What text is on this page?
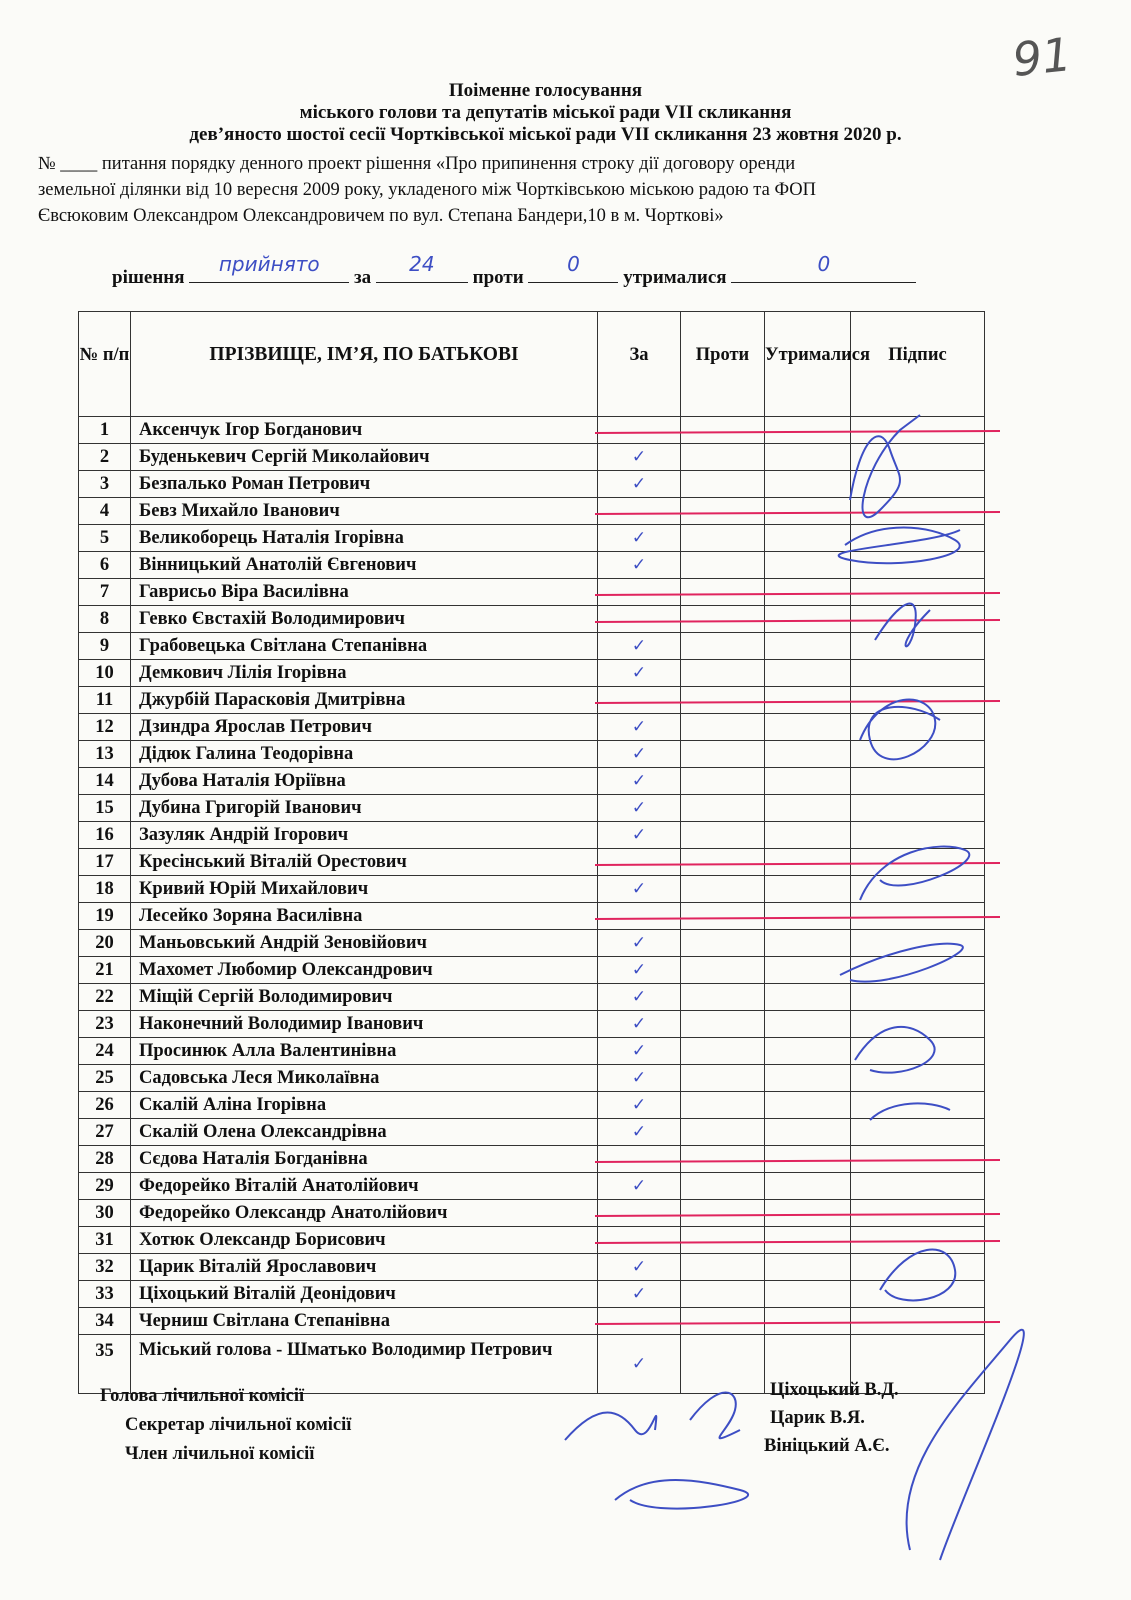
91
Поіменне голосування
міського голови та депутатів міської ради VII скликання
дев’яносто шостої сесії Чортківської міської ради VII скликання 23 жовтня 2020 р.

№ ____ питання порядку денного проект рішення «Про припинення строку дії договору оренди

земельної ділянки від 10 вересня 2009 року, укладеного між Чортківською міською радою та ФОП

Євсюковим Олександром Олександровичем по вул. Степана Бандери,10 в м. Чорткові»

рішення
прийнято
за
24
проти
0
утрималися
0
№ п/п	ПРІЗВИЩЕ, ІМ’Я, ПО БАТЬКОВІ	За	Проти	Утрималися	Підпис
1	Аксенчук Ігор Богданович				
2	Буденькевич Сергій Миколайович	✓			
3	Безпалько Роман Петрович	✓			
4	Бевз Михайло Іванович				
5	Великоборець Наталія Ігорівна	✓			
6	Вінницький Анатолій Євгенович	✓			
7	Гаврисьо Віра Василівна				
8	Гевко Євстахій Володимирович				
9	Грабовецька Світлана Степанівна	✓			
10	Демкович Лілія Ігорівна	✓			
11	Джурбій Парасковія Дмитрівна				
12	Дзиндра Ярослав Петрович	✓			
13	Дідюк Галина Теодорівна	✓			
14	Дубова Наталія Юріївна	✓			
15	Дубина Григорій Іванович	✓			
16	Зазуляк Андрій Ігорович	✓			
17	Кресінський Віталій Орестович				
18	Кривий Юрій Михайлович	✓			
19	Лесейко Зоряна Василівна				
20	Маньовський Андрій Зеновійович	✓			
21	Махомет Любомир Олександрович	✓			
22	Міщій Сергій Володимирович	✓			
23	Наконечний Володимир Іванович	✓			
24	Просинюк Алла Валентинівна	✓			
25	Садовська Леся Миколаївна	✓			
26	Скалій Аліна Ігорівна	✓			
27	Скалій Олена Олександрівна	✓			
28	Сєдова Наталія Богданівна				
29	Федорейко Віталій Анатолійович	✓			
30	Федорейко Олександр Анатолійович				
31	Хотюк Олександр Борисович				
32	Царик Віталій Ярославович	✓			
33	Ціхоцький Віталій Деонідович	✓			
34	Черниш Світлана Степанівна				
35	Міський голова - Шматько Володимир Петрович	✓			
Голова лічильної комісії
Секретар лічильної комісії
Член лічильної комісії
Ціхоцький В.Д.
Царик В.Я.
Вініцький А.Є.
